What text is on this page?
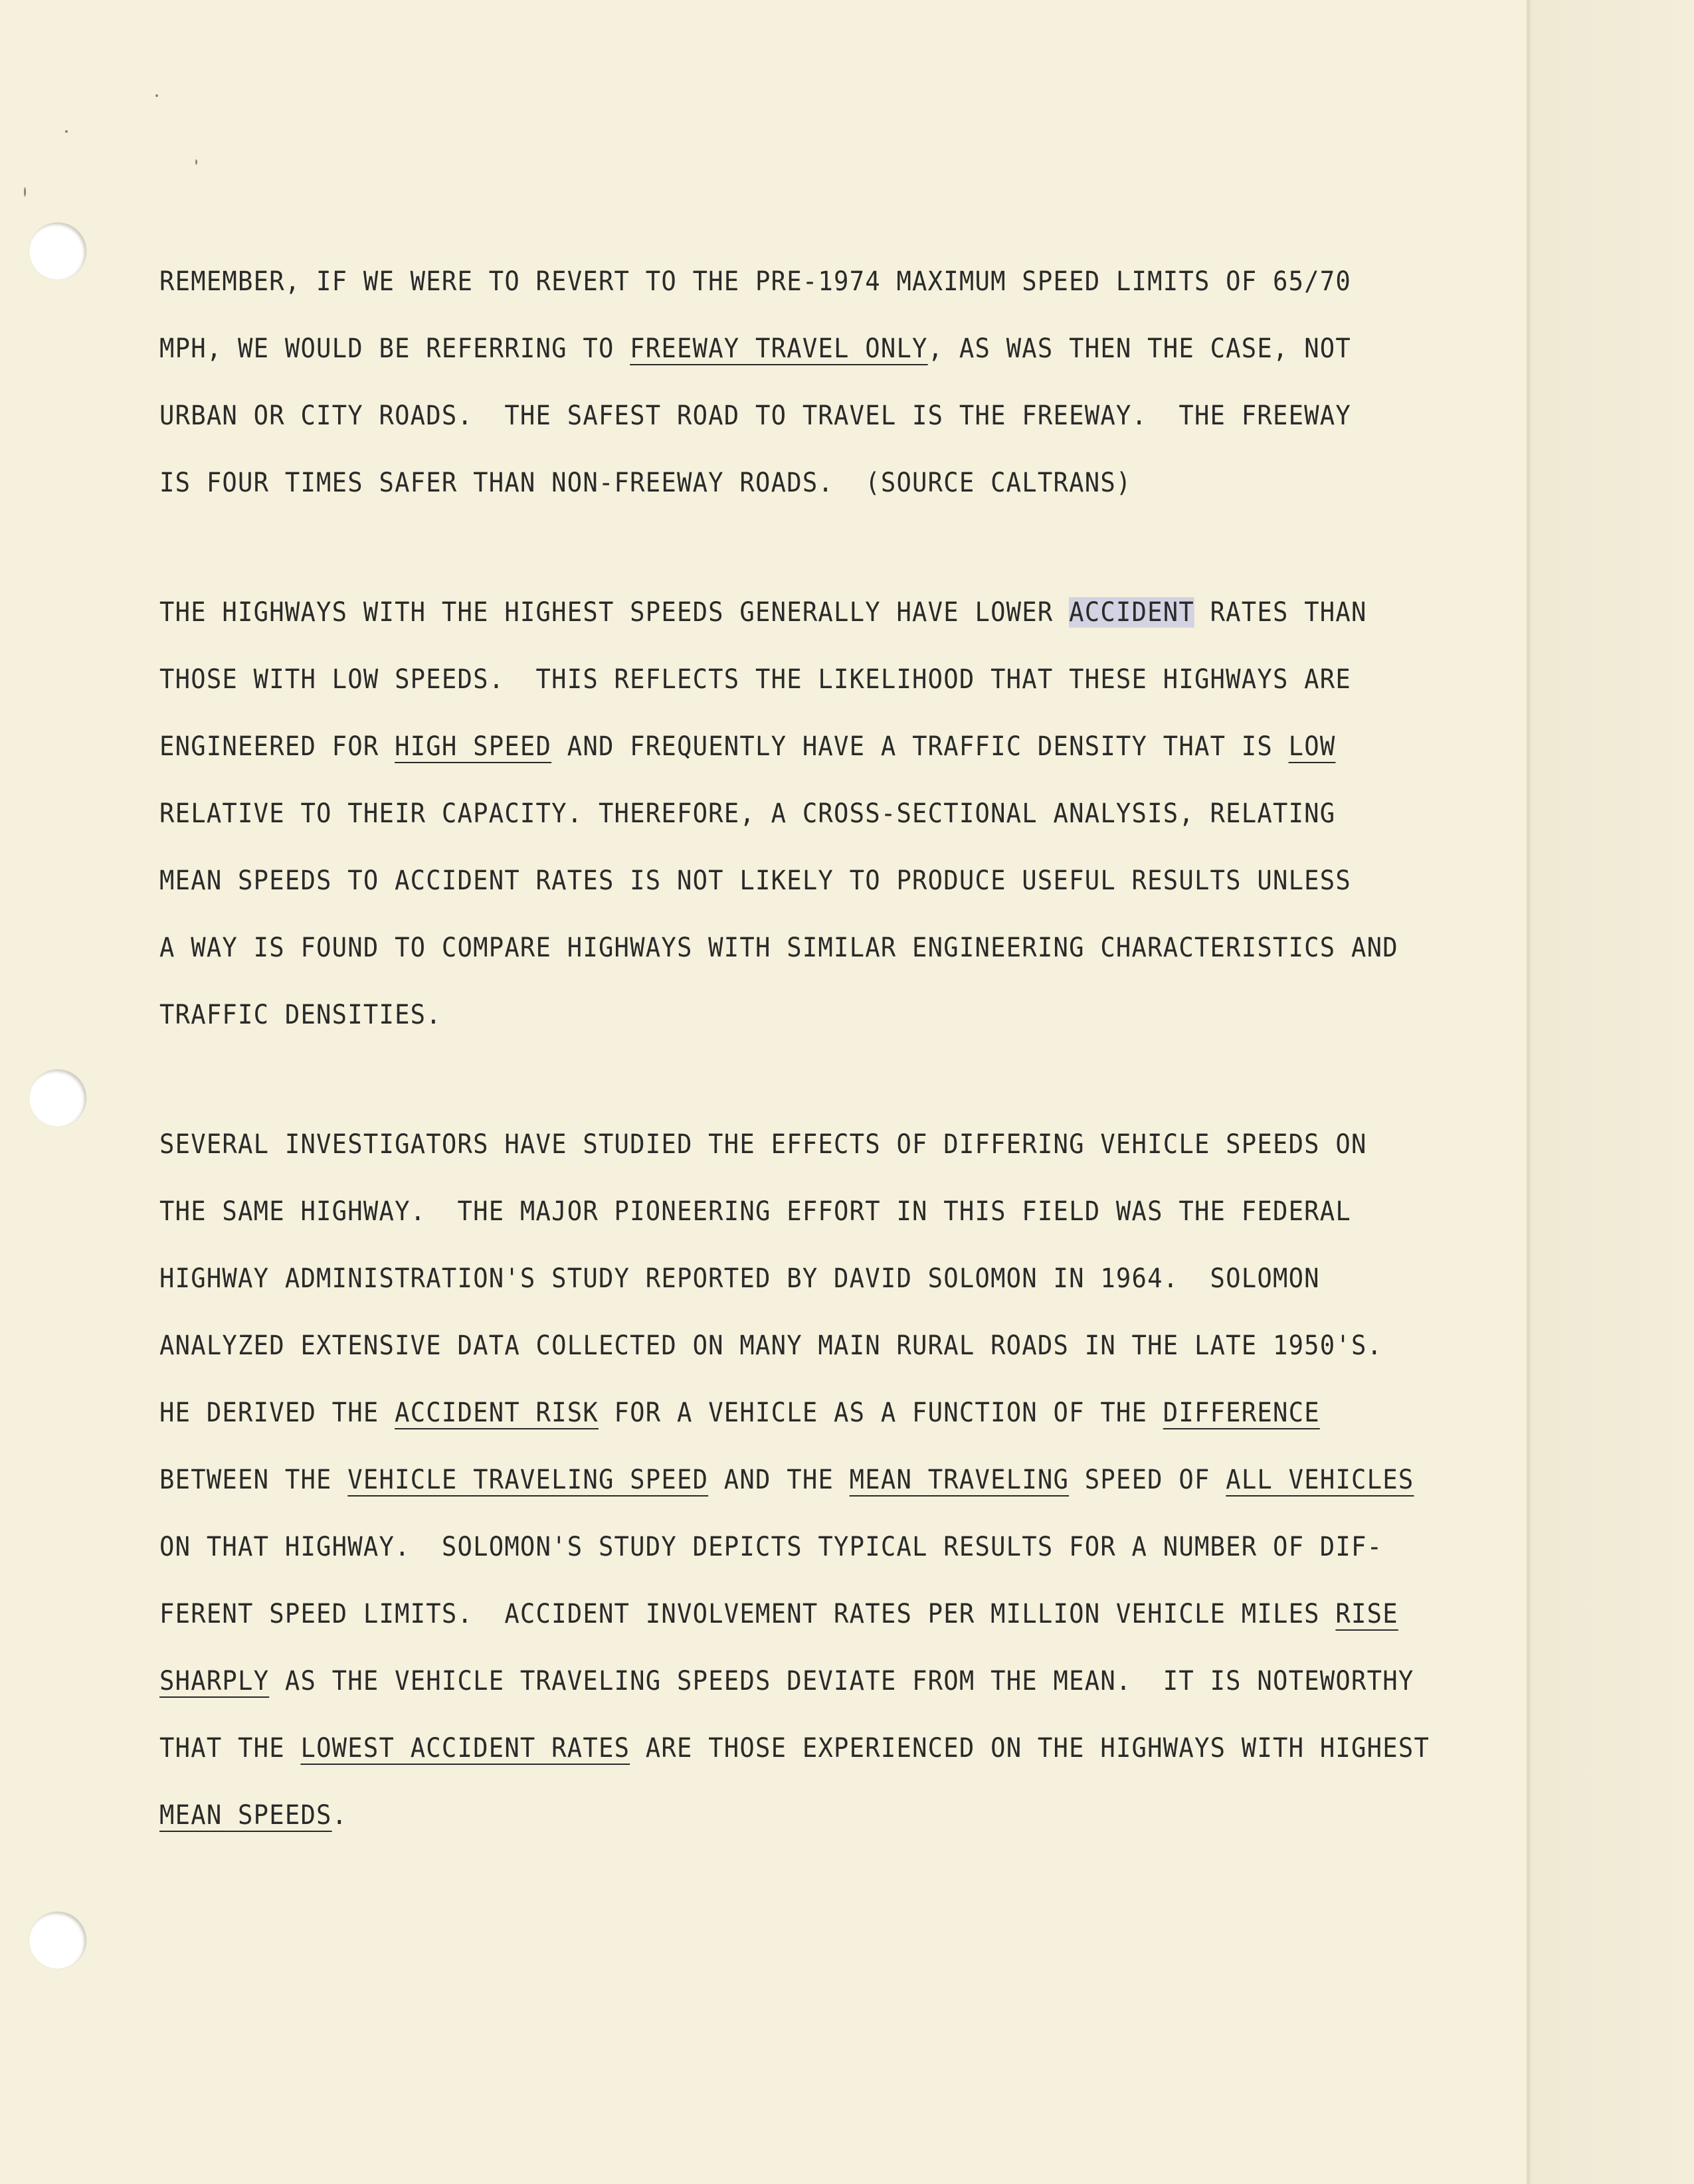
REMEMBER, IF WE WERE TO REVERT TO THE PRE-1974 MAXIMUM SPEED LIMITS OF 65/70
MPH, WE WOULD BE REFERRING TO FREEWAY TRAVEL ONLY, AS WAS THEN THE CASE, NOT
URBAN OR CITY ROADS.  THE SAFEST ROAD TO TRAVEL IS THE FREEWAY.  THE FREEWAY
IS FOUR TIMES SAFER THAN NON-FREEWAY ROADS.  (SOURCE CALTRANS)
THE HIGHWAYS WITH THE HIGHEST SPEEDS GENERALLY HAVE LOWER ACCIDENT RATES THAN
THOSE WITH LOW SPEEDS.  THIS REFLECTS THE LIKELIHOOD THAT THESE HIGHWAYS ARE
ENGINEERED FOR HIGH SPEED AND FREQUENTLY HAVE A TRAFFIC DENSITY THAT IS LOW
RELATIVE TO THEIR CAPACITY. THEREFORE, A CROSS-SECTIONAL ANALYSIS, RELATING
MEAN SPEEDS TO ACCIDENT RATES IS NOT LIKELY TO PRODUCE USEFUL RESULTS UNLESS
A WAY IS FOUND TO COMPARE HIGHWAYS WITH SIMILAR ENGINEERING CHARACTERISTICS AND
TRAFFIC DENSITIES.
SEVERAL INVESTIGATORS HAVE STUDIED THE EFFECTS OF DIFFERING VEHICLE SPEEDS ON
THE SAME HIGHWAY.  THE MAJOR PIONEERING EFFORT IN THIS FIELD WAS THE FEDERAL
HIGHWAY ADMINISTRATION'S STUDY REPORTED BY DAVID SOLOMON IN 1964.  SOLOMON
ANALYZED EXTENSIVE DATA COLLECTED ON MANY MAIN RURAL ROADS IN THE LATE 1950'S.
HE DERIVED THE ACCIDENT RISK FOR A VEHICLE AS A FUNCTION OF THE DIFFERENCE
BETWEEN THE VEHICLE TRAVELING SPEED AND THE MEAN TRAVELING SPEED OF ALL VEHICLES
ON THAT HIGHWAY.  SOLOMON'S STUDY DEPICTS TYPICAL RESULTS FOR A NUMBER OF DIF-
FERENT SPEED LIMITS.  ACCIDENT INVOLVEMENT RATES PER MILLION VEHICLE MILES RISE
SHARPLY AS THE VEHICLE TRAVELING SPEEDS DEVIATE FROM THE MEAN.  IT IS NOTEWORTHY
THAT THE LOWEST ACCIDENT RATES ARE THOSE EXPERIENCED ON THE HIGHWAYS WITH HIGHEST
MEAN SPEEDS.
